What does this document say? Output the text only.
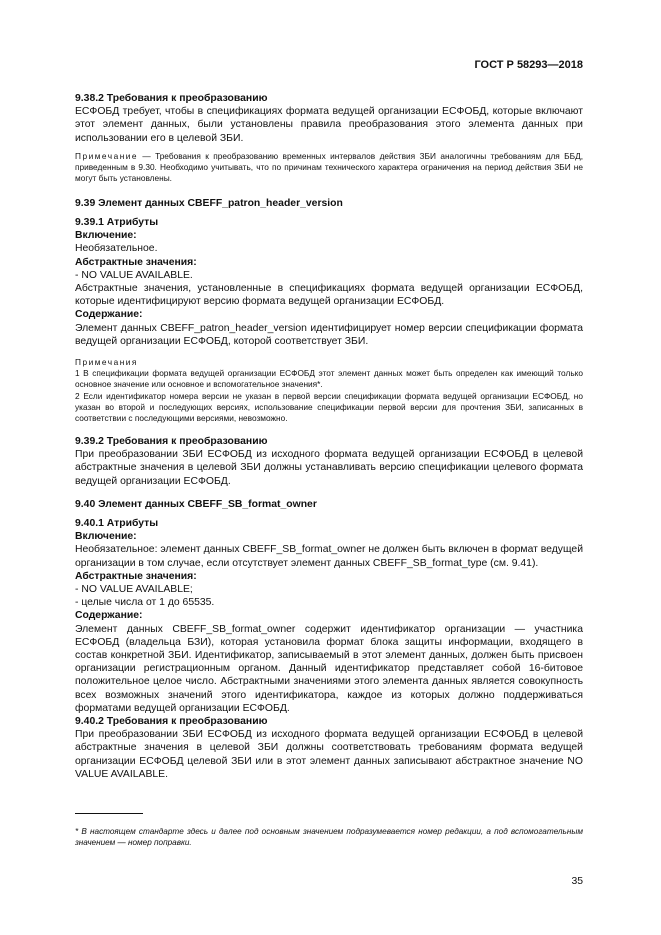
ГОСТ Р 58293—2018

9.38.2 Требования к преобразованию

ЕСФОБД требует, чтобы в спецификациях формата ведущей организации ЕСФОБД, которые включают этот элемент данных, были установлены правила преобразования этого элемента данных при использовании его в целевой ЗБИ.

Примечание — Требования к преобразованию временных интервалов действия ЗБИ аналогичны требованиям для ББД, приведенным в 9.30. Необходимо учитывать, что по причинам технического характера ограничения на период действия ЗБИ не могут быть установлены.

9.39 Элемент данных CBEFF_patron_header_version

9.39.1 Атрибуты

Включение:

Необязательное.

Абстрактные значения:

- NO VALUE AVAILABLE.

Абстрактные значения, установленные в спецификациях формата ведущей организации ЕСФОБД, которые идентифицируют версию формата ведущей организации ЕСФОБД.

Содержание:

Элемент данных CBEFF_patron_header_version идентифицирует номер версии спецификации формата ведущей организации ЕСФОБД, которой соответствует ЗБИ.

Примечания

1 В спецификации формата ведущей организации ЕСФОБД этот элемент данных может быть определен как имеющий только основное значение или основное и вспомогательное значения*.

2 Если идентификатор номера версии не указан в первой версии спецификации формата ведущей организации ЕСФОБД, но указан во второй и последующих версиях, использование спецификации первой версии для прочтения ЗБИ, записанных в соответствии с последующими версиями, невозможно.

9.39.2 Требования к преобразованию

При преобразовании ЗБИ ЕСФОБД из исходного формата ведущей организации ЕСФОБД в целевой абстрактные значения в целевой ЗБИ должны устанавливать версию спецификации целевого формата ведущей организации ЕСФОБД.

9.40 Элемент данных CBEFF_SB_format_owner

9.40.1 Атрибуты

Включение:

Необязательное: элемент данных CBEFF_SB_format_owner не должен быть включен в формат ведущей организации в том случае, если отсутствует элемент данных CBEFF_SB_format_type (см. 9.41).

Абстрактные значения:

- NO VALUE AVAILABLE;

- целые числа от 1 до 65535.

Содержание:

Элемент данных CBEFF_SB_format_owner содержит идентификатор организации — участника ЕСФОБД (владельца БЗИ), которая установила формат блока защиты информации, входящего в состав конкретной ЗБИ. Идентификатор, записываемый в этот элемент данных, должен быть присвоен организации регистрационным органом. Данный идентификатор представляет собой 16-битовое положительное целое число. Абстрактными значениями этого элемента данных является совокупность всех возможных значений этого идентификатора, каждое из которых должно поддерживаться форматами ведущей организации ЕСФОБД.

9.40.2 Требования к преобразованию

При преобразовании ЗБИ ЕСФОБД из исходного формата ведущей организации ЕСФОБД в целевой абстрактные значения в целевой ЗБИ должны соответствовать требованиям формата ведущей организации ЕСФОБД целевой ЗБИ или в этот элемент данных записывают абстрактное значение NO VALUE AVAILABLE.

* В настоящем стандарте здесь и далее под основным значением подразумевается номер редакции, а под вспомогательным значением — номер поправки.

35
